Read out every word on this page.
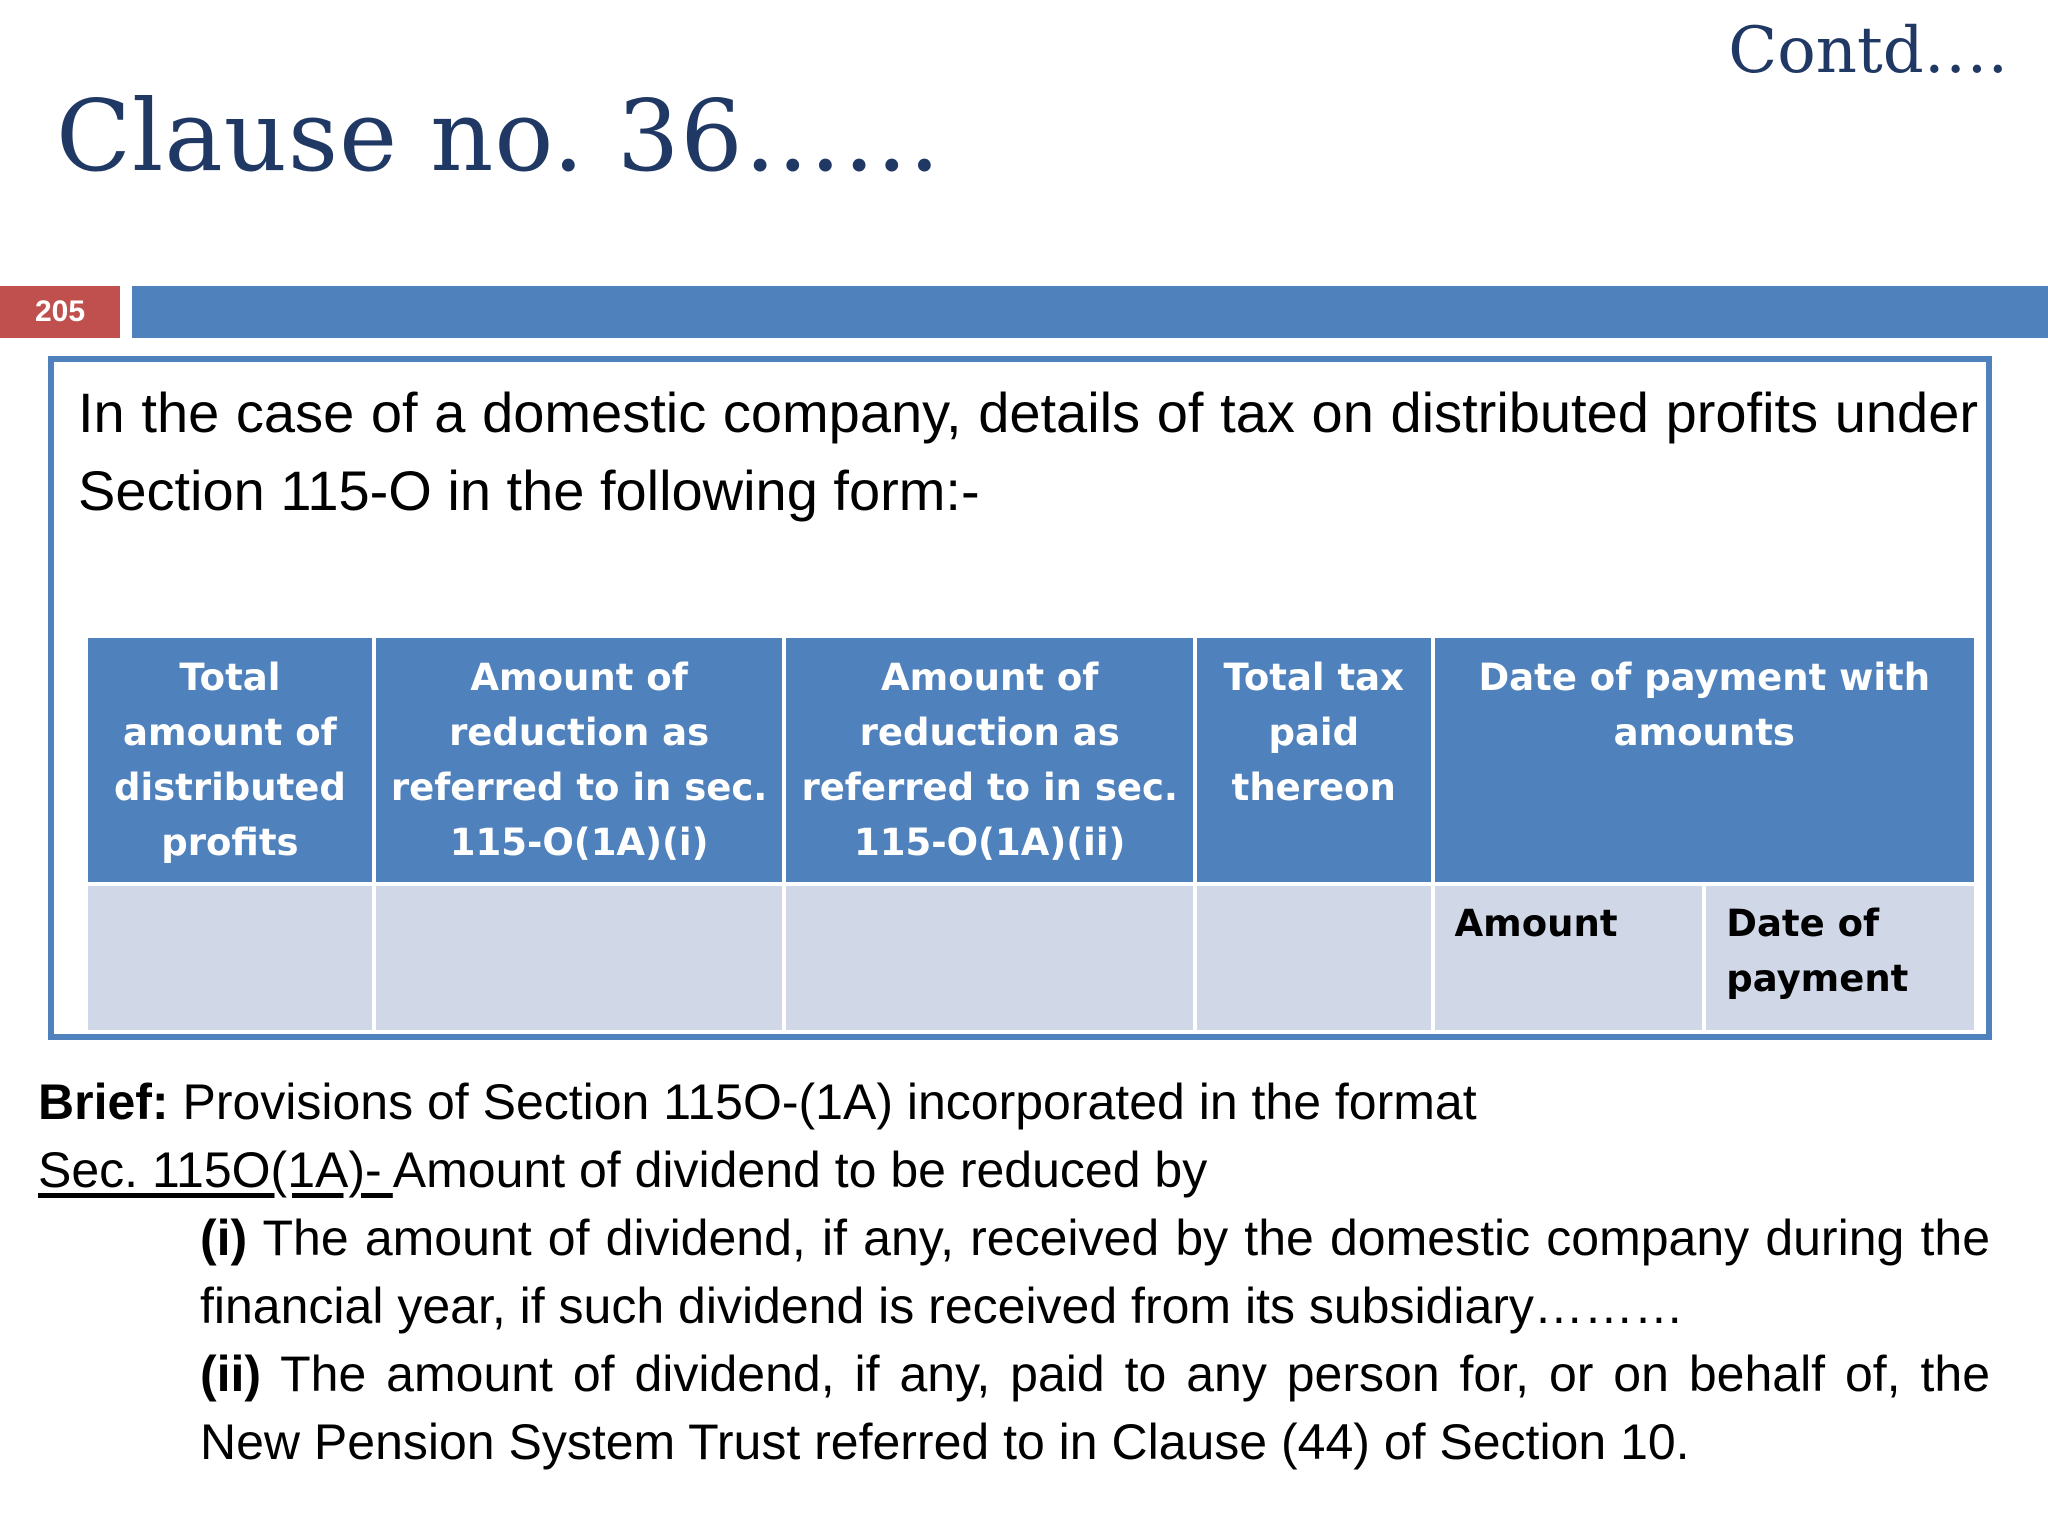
Contd….
Clause no. 36……
205
In the case of a domestic company, details of tax on distributed profits under Section 115-O in the following form:-
Total amount of distributed profits	Amount of reduction as referred to in sec. 115-O(1A)(i)	Amount of reduction as referred to in sec. 115-O(1A)(ii)	Total tax paid thereon	Date of payment with amounts	
				Amount	Date of payment
Brief: Provisions of Section 115O-(1A) incorporated in the format
Sec. 115O(1A)- Amount of dividend to be reduced by
(i) The amount of dividend, if any, received by the domestic company during the financial year, if such dividend is received from its subsidiary………
(ii) The amount of dividend, if any, paid to any person for, or on behalf of, the New Pension System Trust referred to in Clause (44) of Section 10.
